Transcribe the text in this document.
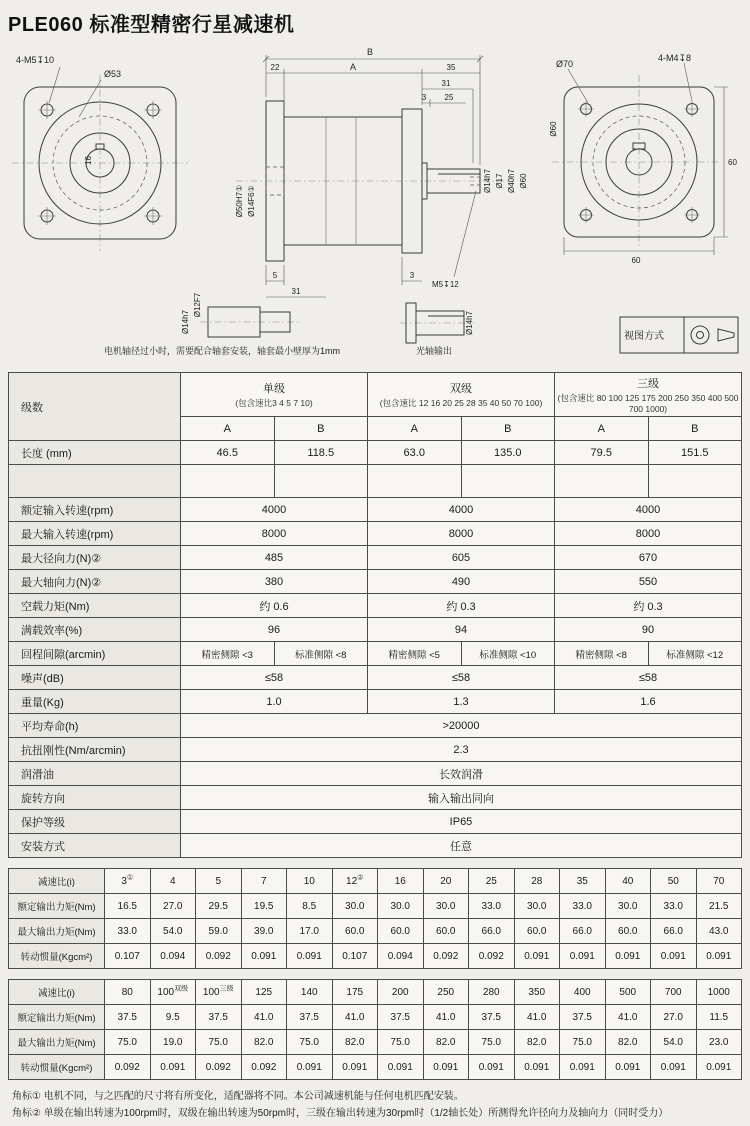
PLE060 标准型精密行星减速机
4-M5↧10
Ø53
16
B
22	A	35
31
3 25
Ø50H7① Ø14F6①
Ø14h7 Ø17 Ø40h7 Ø60
M5↧12
5
31
3
Ø14h7
Ø12F7
电机轴径过小时，需要配合轴套安装，轴套最小壁厚为1mm
Ø14h7
光轴输出
Ø70
4-M4↧8
Ø60
60
60
视图方式
级数	
单级
(包含速比3 4 5 7 10)

双级
(包含速比 12 16 20 25 28 35 40 50 70 100)

三级
(包含速比 80 100 125 175 200 250 350 400 500 700 1000)

	A	B	A	B	A	B
长度 (mm)	46.5	118.5	63.0	135.0	79.5	151.5

额定输入转速(rpm)	4000		4000		4000	
最大输入转速(rpm)	8000		8000		8000	
最大径向力(N)②	485		605		670	
最大轴向力(N)②	380		490		550	
空载力矩(Nm)	约 0.6		约 0.3		约 0.3	
满载效率(%)	96		94		90	
回程间隙(arcmin)	精密侧隙 <3	标准侧隙 <8	精密侧隙 <5	标准侧隙 <10	精密侧隙 <8	标准侧隙 <12
噪声(dB)	≤58		≤58		≤58	
重量(Kg)	1.0		1.3		1.6	
平均寿命(h)	>20000					
抗扭刚性(Nm/arcmin)	2.3					
润滑油	长效润滑					
旋转方向	输入输出同向					
保护等级	IP65					
安装方式	任意					
减速比(i)	3①	4	5	7	10	12②	16	20	25	28	35	40	50	70
额定输出力矩(Nm)	16.5	27.0	29.5	19.5	8.5	30.0	30.0	30.0	33.0	30.0	33.0	30.0	33.0	21.5
最大输出力矩(Nm)	33.0	54.0	59.0	39.0	17.0	60.0	60.0	60.0	66.0	60.0	66.0	60.0	66.0	43.0
转动惯量(Kgcm²)	0.107	0.094	0.092	0.091	0.091	0.107	0.094	0.092	0.092	0.091	0.091	0.091	0.091	0.091
减速比(i)	80	$100^{双级}$	$100^{三级}$	125	140	175	200	250	280	350	400	500	700	1000
额定输出力矩(Nm)	37.5	9.5	37.5	41.0	37.5	41.0	37.5	41.0	37.5	41.0	37.5	41.0	27.0	11.5
最大输出力矩(Nm)	75.0	19.0	75.0	82.0	75.0	82.0	75.0	82.0	75.0	82.0	75.0	82.0	54.0	23.0
转动惯量(Kgcm²)	0.092	0.091	0.092	0.092	0.091	0.091	0.091	0.091	0.091	0.091	0.091	0.091	0.091	0.091
角标① 电机不同，与之匹配的尺寸将有所变化，适配器将不同。本公司减速机能与任何电机匹配安装。
角标② 单级在输出转速为100rpm时，双级在输出转速为50rpm时，三级在输出转速为30rpm时（1/2轴长处）所测得允许径向力及轴向力（同时受力）
